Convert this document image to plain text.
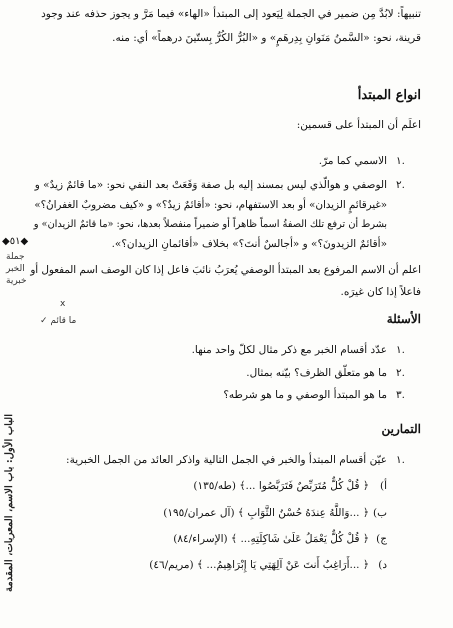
تنبيهاً: لابُدَّ مِن ضمير في الجملة لِيَعود إلى المبتدأ «الهاء» فيما مَرَّ و يجوز حذفه عند وجود
قرينة، نحو: «السَّمنُ مَنَوانِ بِدِرهَمٍ» و «البُرُّ الكُرُّ بِستّينَ درهماً» أي: منه.
انواع المبتدأ
اعلَم أن المبتدأ على قسمين:
١.
الاسمي كما مرّ.
٢.
الوصفي و هوالّذي ليس بمسند إليه بل صفة وَقَعَتْ بعد النفي نحو: «ما قائمٌ زيدٌ» و
«غيرقائمٍ الزيدان» أو بعد الاستفهام، نحو: «أقائمٌ زيدٌ؟» و «كيف مضروبٌ الغفرانُ؟»
بشرط أن ترفع تلك الصفةُ اسماً ظاهراً أو ضميراً منفصلاً بعدها، نحو: «ما قائمٌ الزيدان» و
«أقائمٌ الزيدونَ؟» و «أجالسٌ أنتَ؟» بخلاف «أقائمانِ الزيدان؟».
◆٥١◆
جملة
الخبر
خبرية
اعلم أن الاسم المرفوع بعد المبتدأ الوصفي يُعرَبُ نائبَ فاعل إذا كان الوصف اسم المفعول أو
فاعلاً إذا كان غيرَه.
x
ما قائم ✓	الأسئلة
١.
عدّد أقسام الخبر مع ذكر مثال لكلّ واحد منها.
٢.
ما هو متعلّق الظرف؟ بيّنه بمثال.
٣.
ما هو المبتدأ الوصفي و ما هو شرطه؟
التمارين
١.
عيّن أقسام المبتدأ والخبر في الجمل التالية واذكر العائد من الجمل الخبرية:
أ)
﴿ قُلْ كُلٌّ مُتَرَبِّصٌ فَتَرَبَّصُوا ...﴾ (طه/١٣٥)
ب)
﴿ ...وَاللَّهُ عِندَهُ حُسْنُ الثَّوَابِ ﴾ (آل عمران/١٩٥)
ج)
﴿ قُلْ كُلٌّ يَعْمَلُ عَلَىٰ شَاكِلَتِهِ... ﴾ (الإسراء/٨٤)
د)
﴿ ...أَرَاغِبٌ أَنتَ عَنْ آلِهَتِي يَا إِبْرَاهِيمُ... ﴾ (مريم/٤٦)
الباب الأول: باب الاسم، المعربات، المقدمة
